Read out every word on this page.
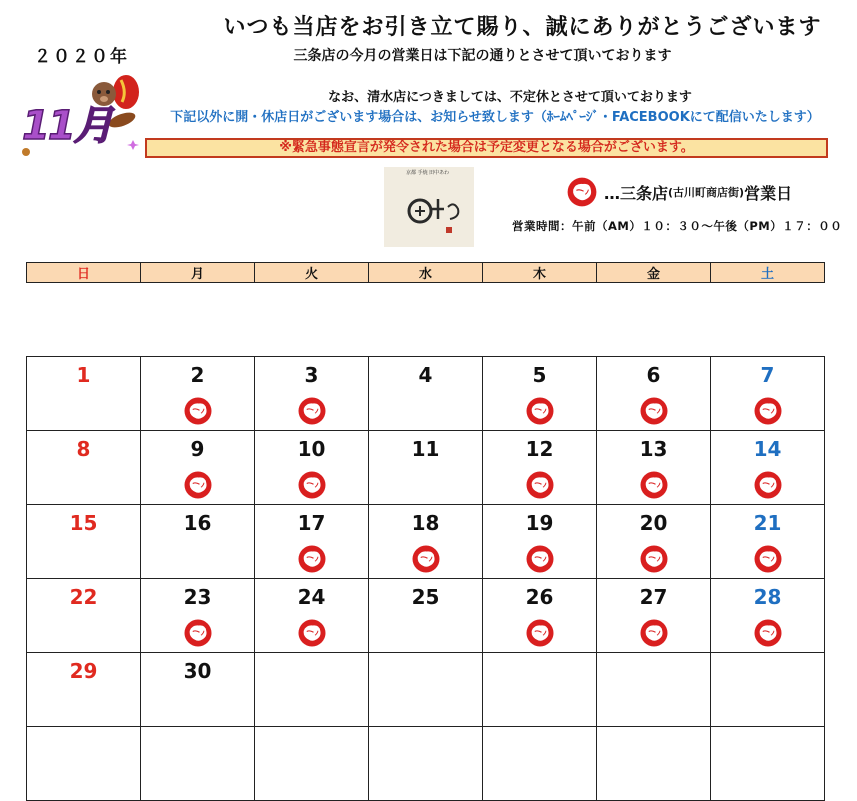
２０２０年
11月
いつも当店をお引き立て賜り、誠にありがとうございます
三条店の今月の営業日は下記の通りとさせて頂いております
なお、清水店につきましては、不定休とさせて頂いております
下記以外に開・休店日がございます場合は、お知らせ致します（ﾎｰﾑﾍﾟｰｼﾞ・FACEBOOKにて配信いたします）
※緊急事態宣言が発令された場合は予定変更となる場合がございます。
京都 手焼 田中あわ
…三条店 (古川町商店街) 営業日
営業時間：午前（AM）１０：３０～午後（PM）１７：００
日	月	火	水	木	金	土

1	2	3	4	5	6	7

8	9	10	11	12	13	14

15	16	17	18	19	20	21

22	23	24	25	26	27	28

29	30					
